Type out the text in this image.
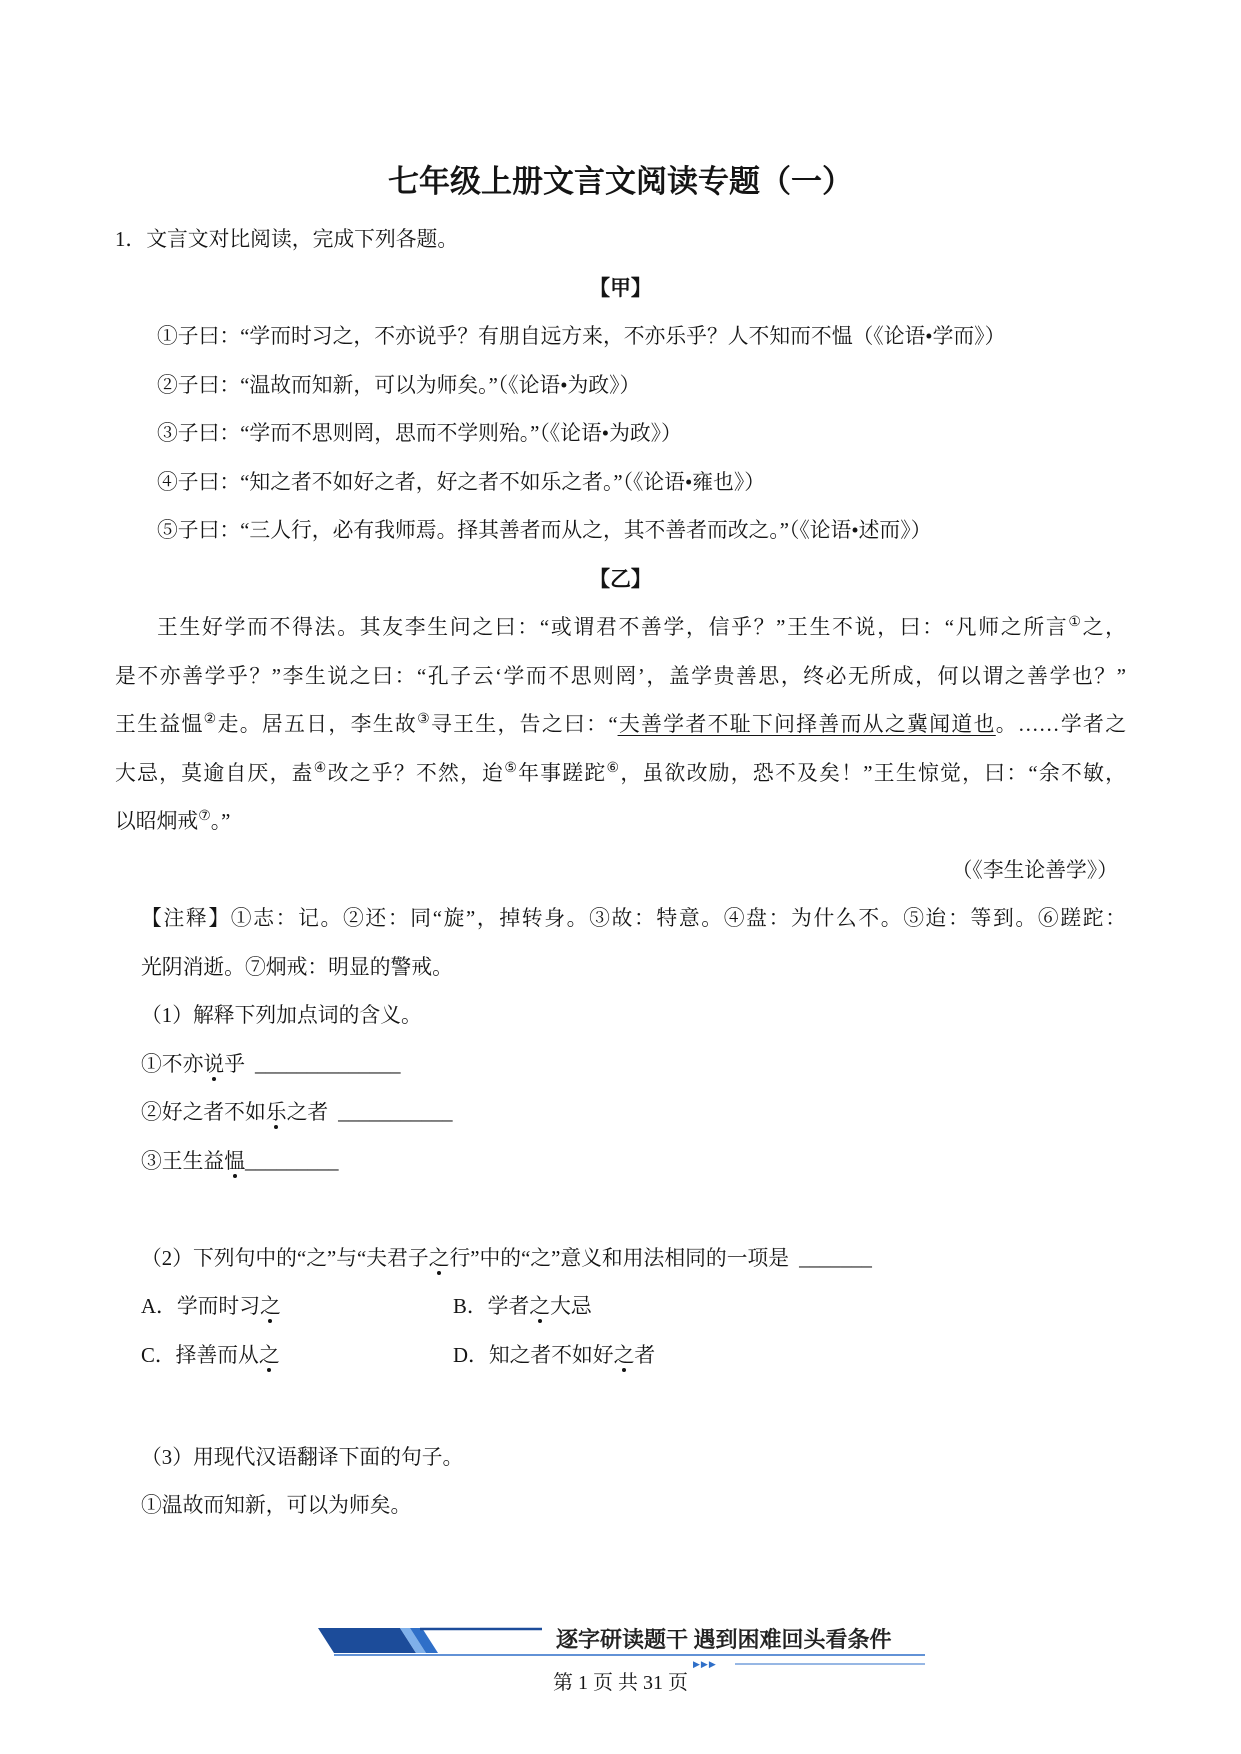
七年级上册文言文阅读专题（一）
1．文言文对比阅读，完成下列各题。
【甲】
①子曰：“学而时习之，不亦说乎？有朋自远方来，不亦乐乎？人不知而不愠（《论语•学而》）
②子曰：“温故而知新，可以为师矣。”（《论语•为政》）
③子曰：“学而不思则罔，思而不学则殆。”（《论语•为政》）
④子曰：“知之者不如好之者，好之者不如乐之者。”（《论语•雍也》）
⑤子曰：“三人行，必有我师焉。择其善者而从之，其不善者而改之。”（《论语•述而》）
【乙】
王生好学而不得法。其友李生问之曰：“或谓君不善学，信乎？”王生不说，曰：“凡师之所言①之，
是不亦善学乎？”李生说之曰：“孔子云‘学而不思则罔’，盖学贵善思，终必无所成，何以谓之善学也？”
王生益愠②走。居五日，李生故③寻王生，告之曰：“夫善学者不耻下问择善而从之冀闻道也。……学者之
大忌，莫逾自厌，盍④改之乎？不然，迨⑤年事蹉跎⑥，虽欲改励，恐不及矣！”王生惊觉，曰：“余不敏，
以昭炯戒⑦。”
（《李生论善学》）
【注释】①志：记。②还：同“旋”，掉转身。③故：特意。④盘：为什么不。⑤迨：等到。⑥蹉跎：
光阴消逝。⑦炯戒：明显的警戒。
（1）解释下列加点词的含义。
①不亦说乎 ______________
②好之者不如乐之者 ___________
③王生益愠_________
（2）下列句中的“之”与“夫君子之行”中的“之”意义和用法相同的一项是 _______
A．学而时习之	B．学者之大忌
C．择善而从之	D．知之者不如好之者
（3）用现代汉语翻译下面的句子。
①温故而知新，可以为师矣。
逐字研读题干 遇到困难回头看条件
▶▶▶
第 1 页 共 31 页
